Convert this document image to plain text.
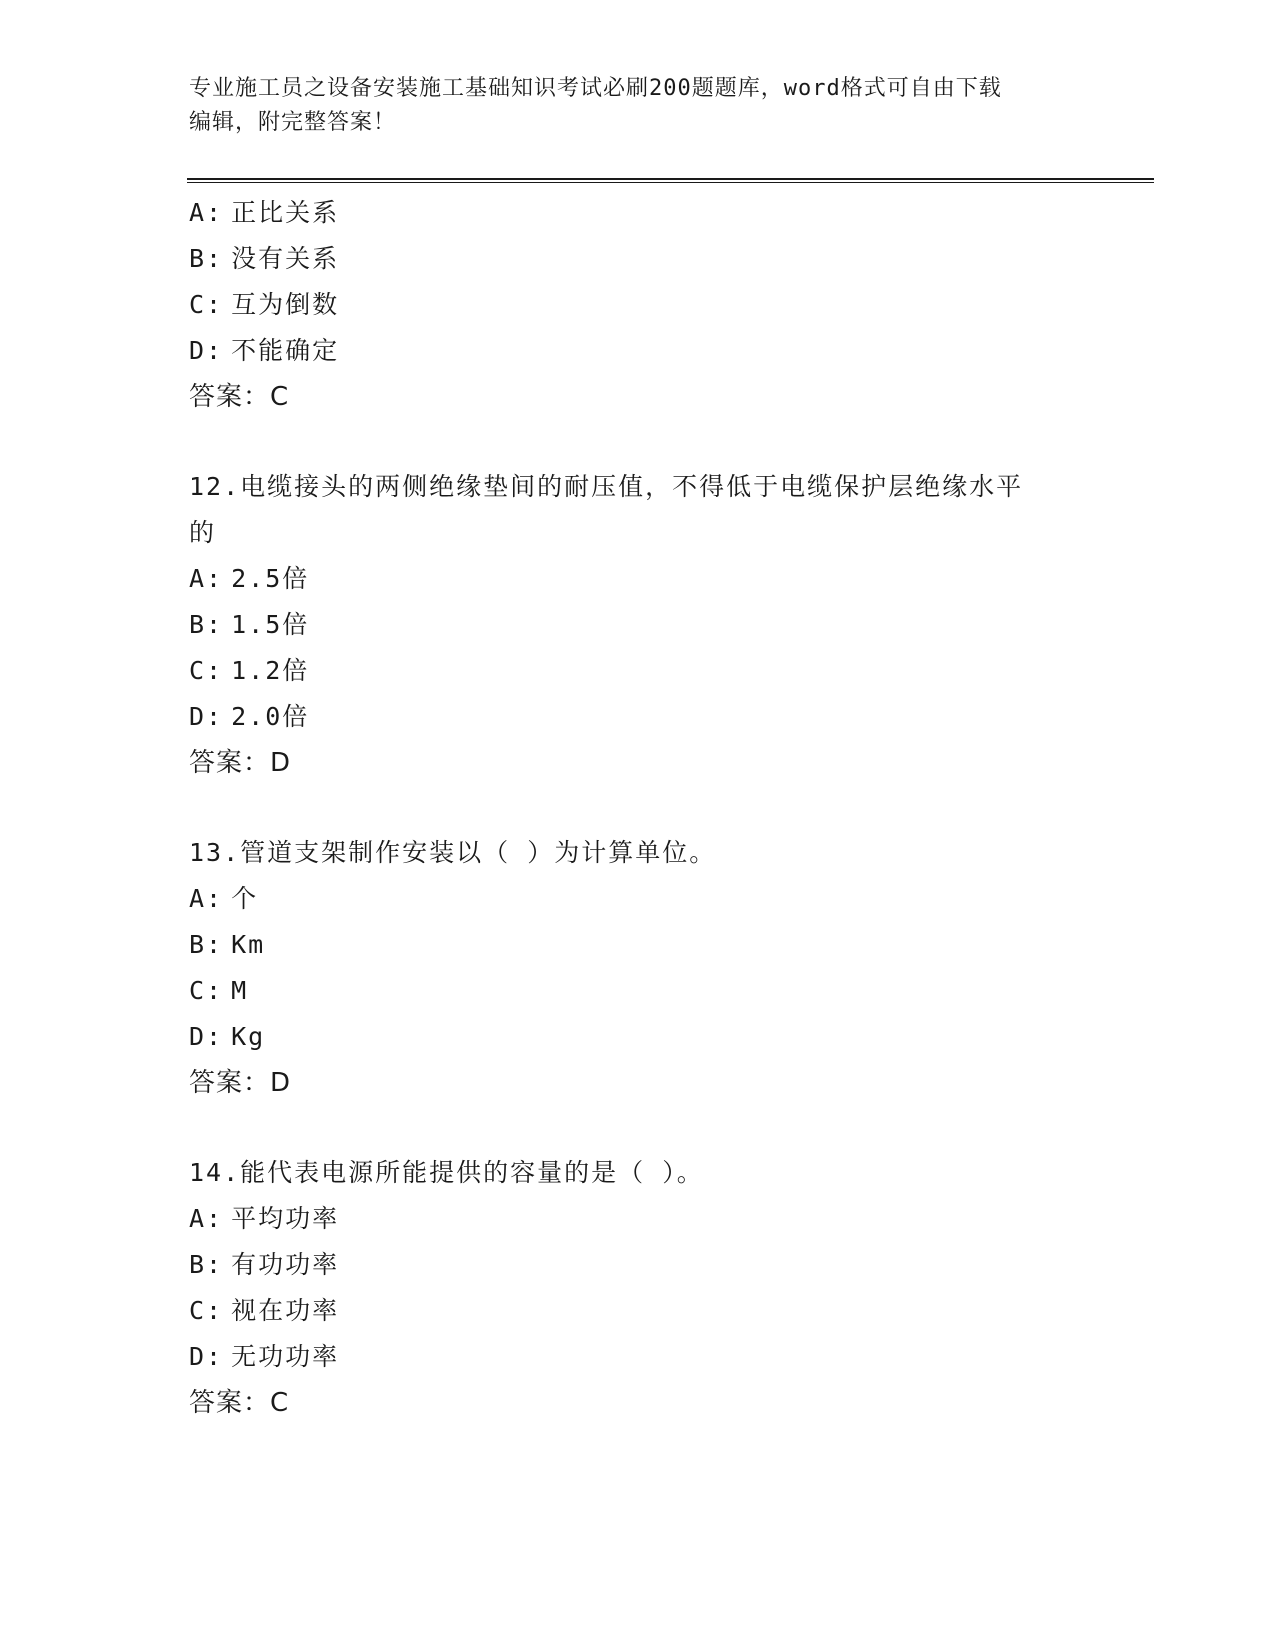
专业施工员之设备安装施工基础知识考试必刷200题题库，word格式可自由下载
编辑，附完整答案！
A: 正比关系
B: 没有关系
C: 互为倒数
D: 不能确定
答案：C
12.电缆接头的两侧绝缘垫间的耐压值，不得低于电缆保护层绝缘水平
的
A: 2.5倍
B: 1.5倍
C: 1.2倍
D: 2.0倍
答案：D
13.管道支架制作安装以（ ）为计算单位。
A: 个
B: Km
C: M
D: Kg
答案：D
14.能代表电源所能提供的容量的是（ ）。
A: 平均功率
B: 有功功率
C: 视在功率
D: 无功功率
答案：C
